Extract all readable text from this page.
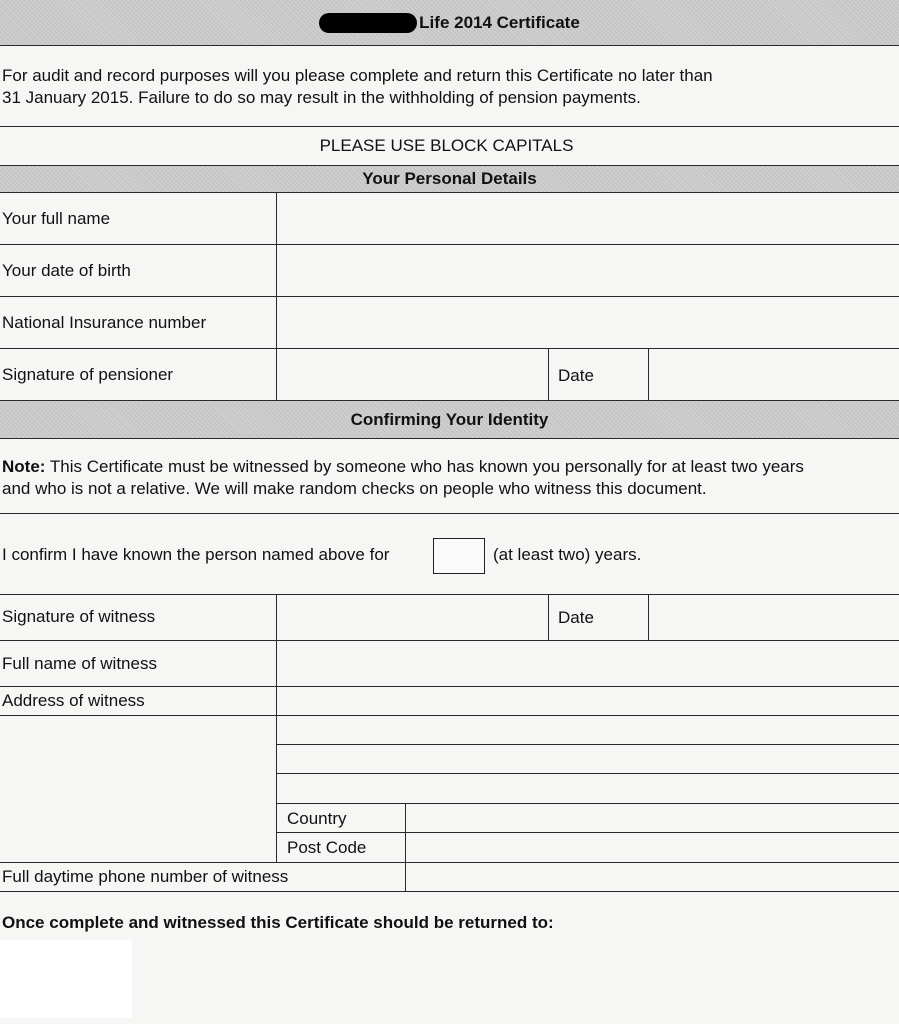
Life 2014 Certificate
For audit and record purposes will you please complete and return this Certificate no later than
31 January 2015. Failure to do so may result in the withholding of pension payments.
PLEASE USE BLOCK CAPITALS
Your Personal Details
Your full name
Your date of birth
National Insurance number
Signature of pensioner	Date
Confirming Your Identity
Note: This Certificate must be witnessed by someone who has known you personally for at least two years
and who is not a relative. We will make random checks on people who witness this document.
I confirm I have known the person named above for	(at least two) years.
Signature of witness	Date
Full name of witness
Address of witness
Country
Post Code
Full daytime phone number of witness
Once complete and witnessed this Certificate should be returned to:
